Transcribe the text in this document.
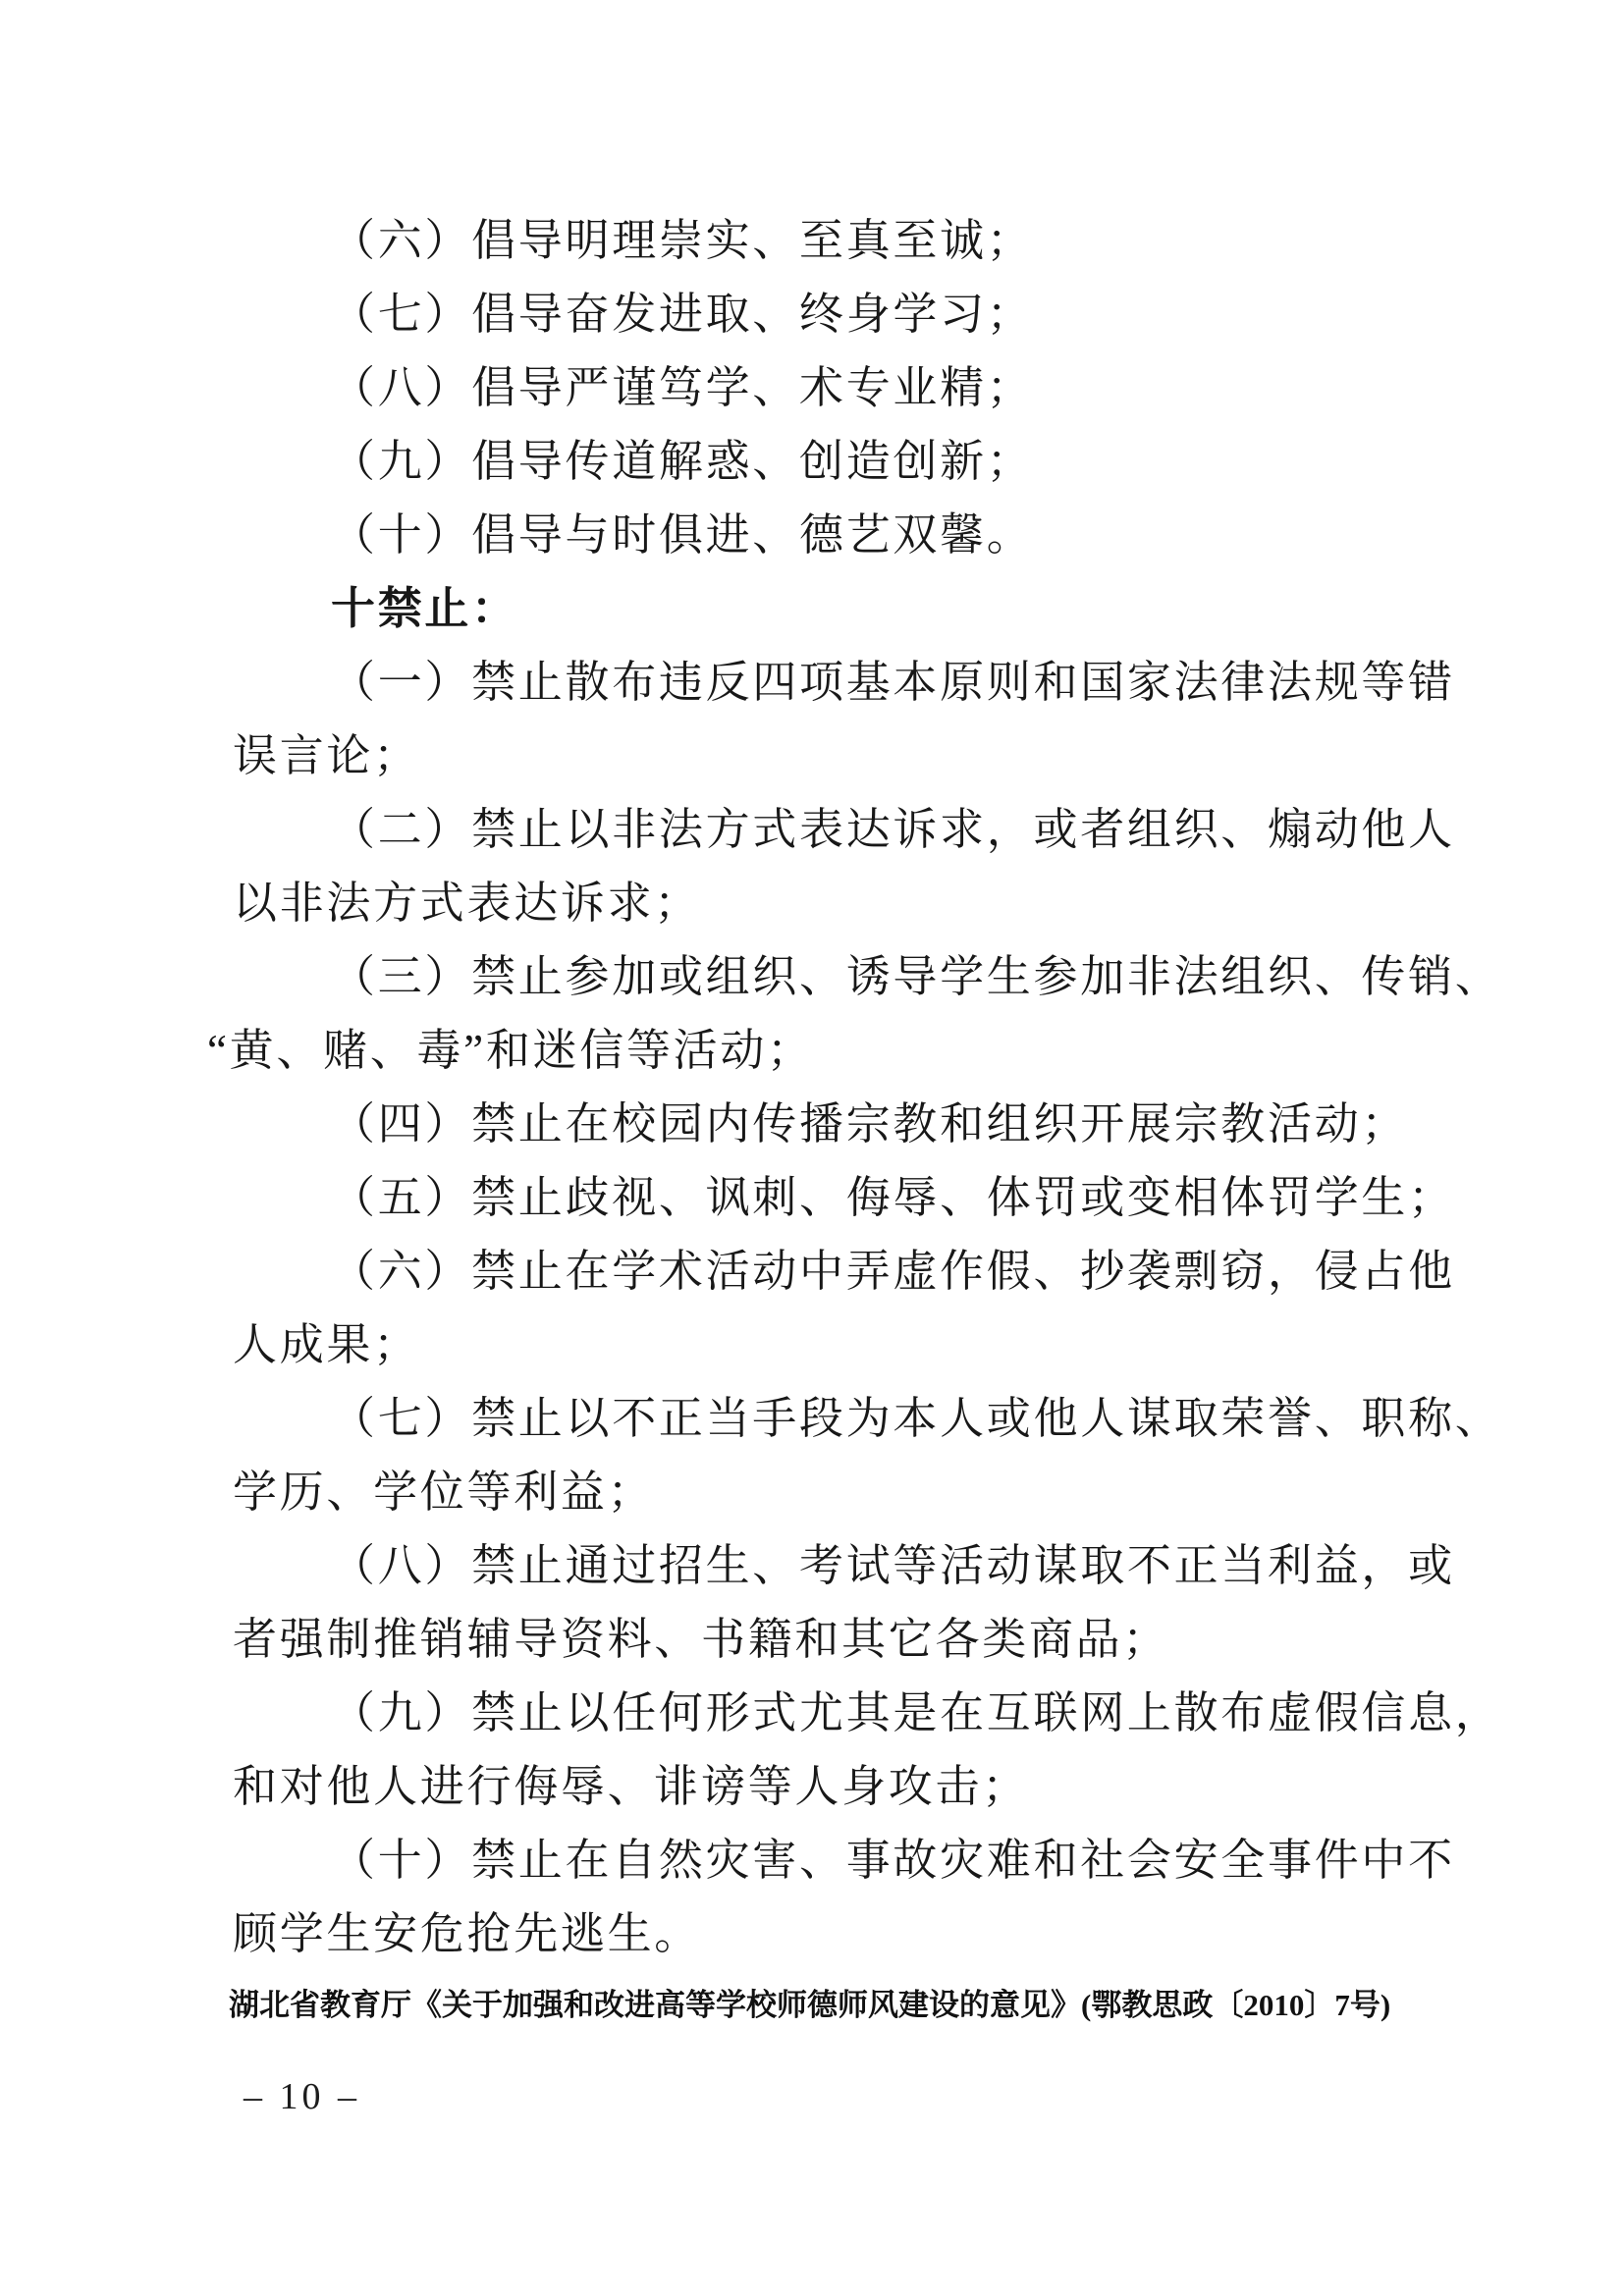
（六）倡导明理崇实、至真至诚；
（七）倡导奋发进取、终身学习；
（八）倡导严谨笃学、术专业精；
（九）倡导传道解惑、创造创新；
（十）倡导与时俱进、德艺双馨。
十禁止：
（一）禁止散布违反四项基本原则和国家法律法规等错
误言论；
（二）禁止以非法方式表达诉求，或者组织、煽动他人
以非法方式表达诉求；
（三）禁止参加或组织、诱导学生参加非法组织、传销、
“黄、赌、毒”和迷信等活动；
（四）禁止在校园内传播宗教和组织开展宗教活动；
（五）禁止歧视、讽刺、侮辱、体罚或变相体罚学生；
（六）禁止在学术活动中弄虚作假、抄袭剽窃，侵占他
人成果；
（七）禁止以不正当手段为本人或他人谋取荣誉、职称、
学历、学位等利益；
（八）禁止通过招生、考试等活动谋取不正当利益，或
者强制推销辅导资料、书籍和其它各类商品；
（九）禁止以任何形式尤其是在互联网上散布虚假信息，
和对他人进行侮辱、诽谤等人身攻击；
（十）禁止在自然灾害、事故灾难和社会安全事件中不
顾学生安危抢先逃生。
湖北省教育厅《关于加强和改进高等学校师德师风建设的意见》(鄂教思政〔2010〕7号)
– 10 –
